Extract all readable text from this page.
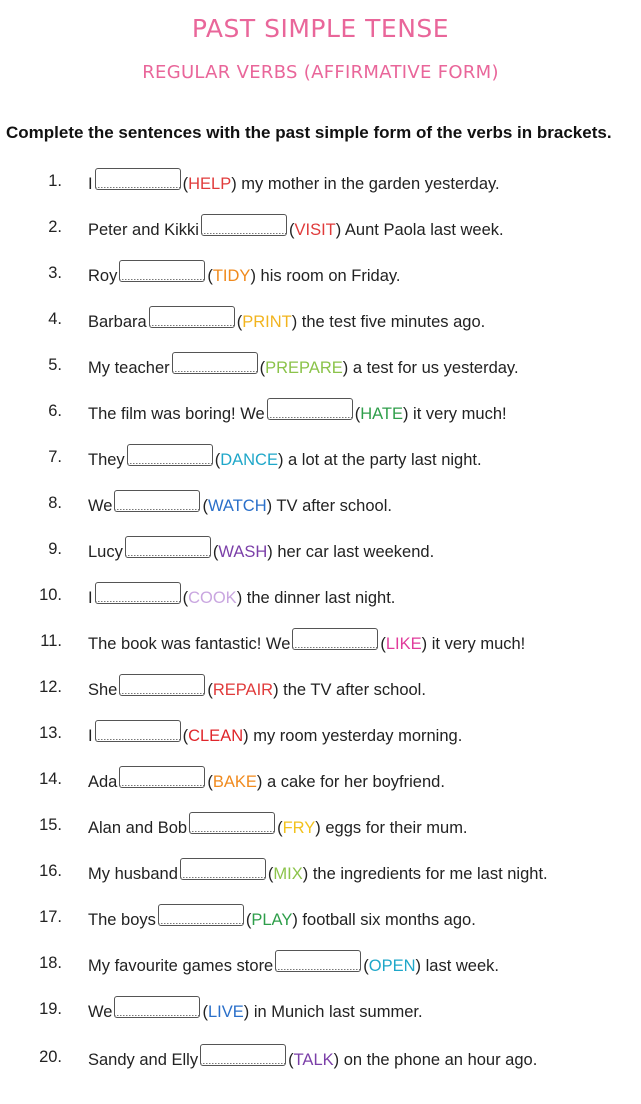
PAST SIMPLE TENSE
REGULAR VERBS (AFFIRMATIVE FORM)
Complete the sentences with the past simple form of the verbs in brackets.
1. I	( HELP ) my mother in the garden yesterday.
2. Peter and Kikki	( VISIT ) Aunt Paola last week.
3. Roy	( TIDY ) his room on Friday.
4. Barbara	( PRINT ) the test five minutes ago.
5. My teacher	( PREPARE ) a test for us yesterday.
6. The film was boring! We	( HATE ) it very much!
7. They	( DANCE ) a lot at the party last night.
8. We	( WATCH ) TV after school.
9. Lucy	( WASH ) her car last weekend.
10. I	( COOK ) the dinner last night.
11. The book was fantastic! We	( LIKE ) it very much!
12. She	( REPAIR ) the TV after school.
13. I	( CLEAN ) my room yesterday morning.
14. Ada	( BAKE ) a cake for her boyfriend.
15. Alan and Bob	( FRY ) eggs for their mum.
16. My husband	( MIX ) the ingredients for me last night.
17. The boys	( PLAY ) football six months ago.
18. My favourite games store	( OPEN ) last week.
19. We	( LIVE ) in Munich last summer.
20. Sandy and Elly	( TALK ) on the phone an hour ago.
